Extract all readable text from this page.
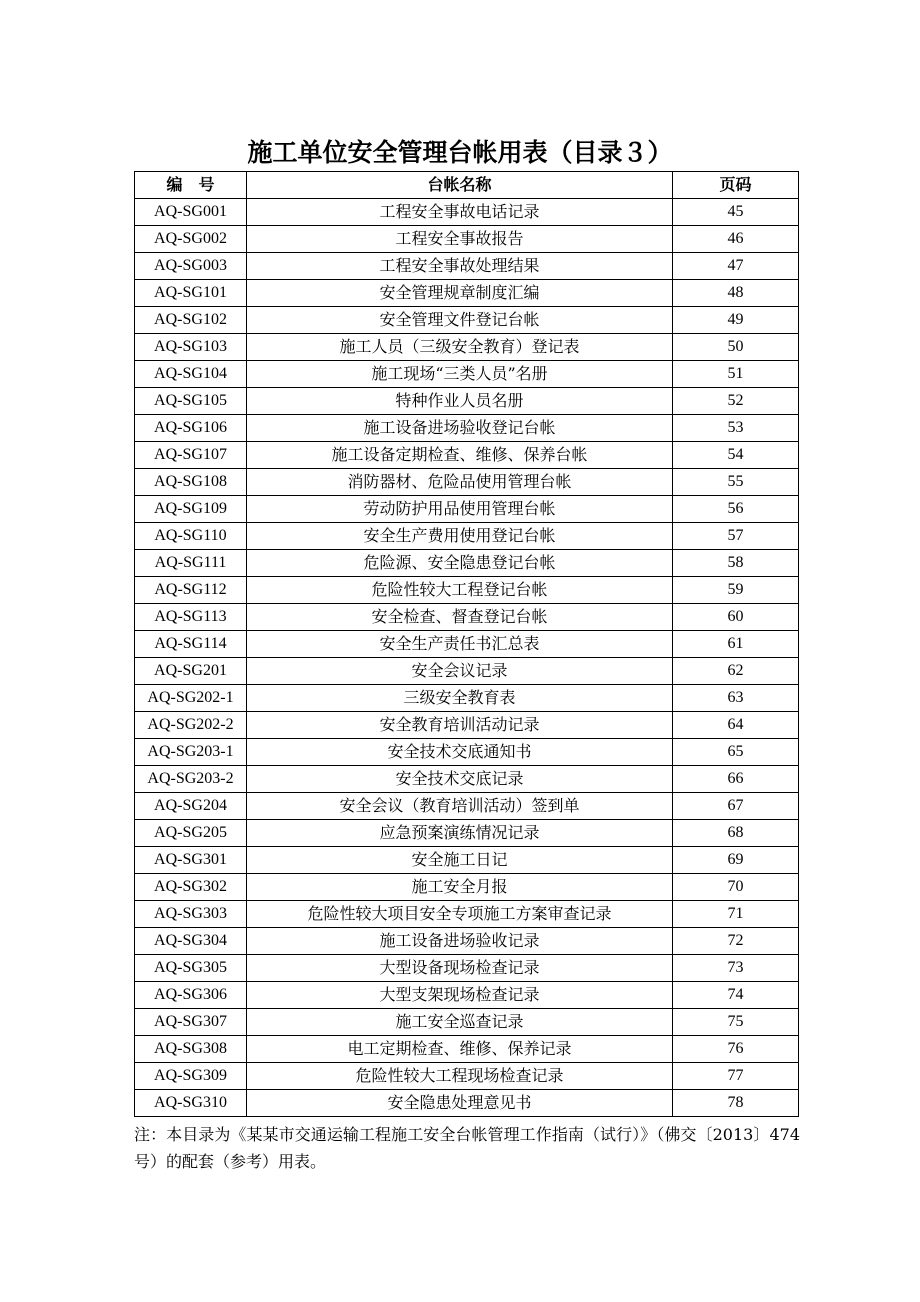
施工单位安全管理台帐用表（目录３）
编　号	台帐名称	页码
AQ-SG001	工程安全事故电话记录	45
AQ-SG002	工程安全事故报告	46
AQ-SG003	工程安全事故处理结果	47
AQ-SG101	安全管理规章制度汇编	48
AQ-SG102	安全管理文件登记台帐	49
AQ-SG103	施工人员（三级安全教育）登记表	50
AQ-SG104	施工现场“三类人员”名册	51
AQ-SG105	特种作业人员名册	52
AQ-SG106	施工设备进场验收登记台帐	53
AQ-SG107	施工设备定期检查、维修、保养台帐	54
AQ-SG108	消防器材、危险品使用管理台帐	55
AQ-SG109	劳动防护用品使用管理台帐	56
AQ-SG110	安全生产费用使用登记台帐	57
AQ-SG111	危险源、安全隐患登记台帐	58
AQ-SG112	危险性较大工程登记台帐	59
AQ-SG113	安全检查、督查登记台帐	60
AQ-SG114	安全生产责任书汇总表	61
AQ-SG201	安全会议记录	62
AQ-SG202-1	三级安全教育表	63
AQ-SG202-2	安全教育培训活动记录	64
AQ-SG203-1	安全技术交底通知书	65
AQ-SG203-2	安全技术交底记录	66
AQ-SG204	安全会议（教育培训活动）签到单	67
AQ-SG205	应急预案演练情况记录	68
AQ-SG301	安全施工日记	69
AQ-SG302	施工安全月报	70
AQ-SG303	危险性较大项目安全专项施工方案审查记录	71
AQ-SG304	施工设备进场验收记录	72
AQ-SG305	大型设备现场检查记录	73
AQ-SG306	大型支架现场检查记录	74
AQ-SG307	施工安全巡查记录	75
AQ-SG308	电工定期检查、维修、保养记录	76
AQ-SG309	危险性较大工程现场检查记录	77
AQ-SG310	安全隐患处理意见书	78
注：本目录为《某某市交通运输工程施工安全台帐管理工作指南（试行）》（佛交〔2013〕474号）的配套（参考）用表。
